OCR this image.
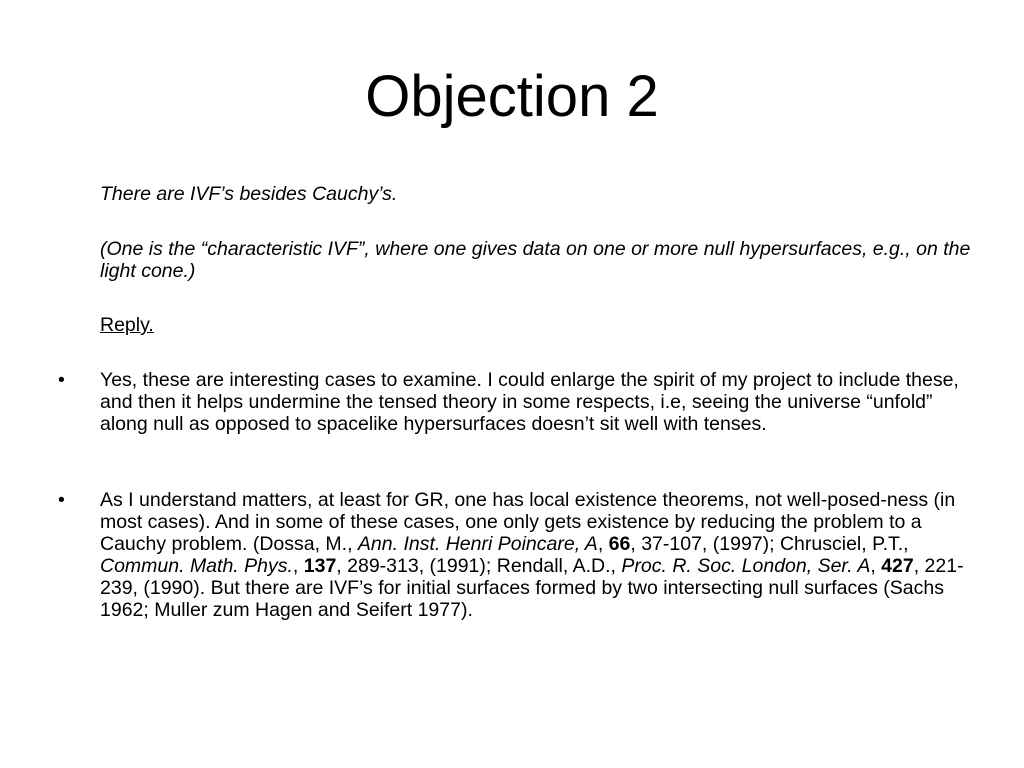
Objection 2

There are IVF’s besides Cauchy’s.

(One is the “characteristic IVF”, where one gives data on one or more null hypersurfaces, e.g., on the light cone.)

Reply.

• Yes, these are interesting cases to examine. I could enlarge the spirit of my project to include these, and then it helps undermine the tensed theory in some respects, i.e, seeing the universe “unfold” along null as opposed to spacelike hypersurfaces doesn’t sit well with tenses.

• As I understand matters, at least for GR, one has local existence theorems, not well-posed-ness (in most cases). And in some of these cases, one only gets existence by reducing the problem to a Cauchy problem. (Dossa, M., Ann. Inst. Henri Poincare, A, 66, 37-107, (1997); Chrusciel, P.T., Commun. Math. Phys., 137, 289-313, (1991); Rendall, A.D., Proc. R. Soc. London, Ser. A, 427, 221-239, (1990). But there are IVF’s for initial surfaces formed by two intersecting null surfaces (Sachs 1962; Muller zum Hagen and Seifert 1977).
